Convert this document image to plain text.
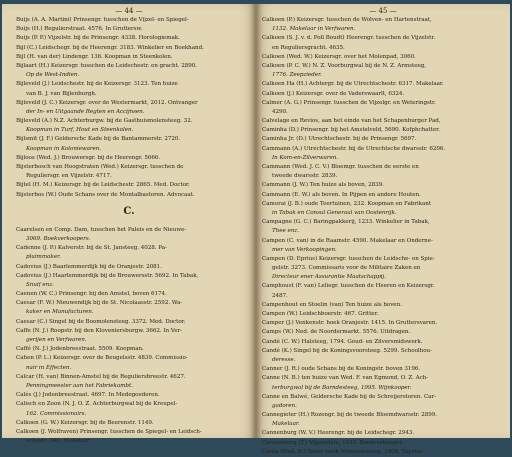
— 44 —
Buijs (A. A. Martini) Prinsengr. tusschen de Vijzel- en Spiegel-
Buijs (H.) Regulierstraat. 4576. In Gruttersw.
Buijs (P. P.) Vijzelstr. bij de Prinsengr. 4338. Horologiemak.
Bijl (C.) Leidschegr. bij de Heerengr. 3183. Winkelier en Boekhand.
Bijl (H. van der) Lindengr. 136. Koopman in Steenkolen.
Bijlaart (H.) Keizersgr. tusschen de Leidschestr. en gracht. 2890.
Op de West-Indien.
Bijleveld (J.) Leidschestr. bij de Keizersgr. 3123. Ten huize
van B. J. van Bijlenburgh.
Bijleveld (J. C.) Keizersgr. over de Westermarkt, 2012. Ontvanger
der In- en Uitgaande Regten en Accijnsen.
Bijleveld (A.) N.Z. Achterburgw. bij de Gasthuismolensteeg. 32.
Koopman in Turf, Hout en Steenkolen.
Bijlsmit (J. F.) Gelderschc Kade bij de Bantammerstr. 2720.
Koopman in Koloniewaren.
Bijloos (Wed. J.) Brouwersgr. bij de Heerengr. 5666.
Bijsterbosch van Hoogstraten (Wed.) Keizersgr. tusschen de
Reguliersgr. en Vijzelstr. 4717.
Bijtel (H. M.) Keizersgr. bij de Leidschestr. 2865. Med. Doctor.
Bijsterbos (W.) Oude Schans over de Montalbastoren. Advocaat.
C.
Caarelsen en Comp. Dam, tusschen het Paleis en de Nieuwe-
3069. Boekverkoopers.
Cadenne (J. P.) Kalverstr. bij de St. Jansteeg. 4028. Pa-
pluimmaker.
Cadovius (J.) Baarlemmerdijk bij de Oranjestr. 2081.
Cadovius (J.) Haarlemmerdijk bij de Brouwersstr. 5692. In Tabak,
Snuif enz.
Caenen (W. C.) Prinsengr. bij den Amstel, boven 6174.
Caesar (F. W.) Nieuwendijk bij de St. Nicolaasstr. 2592. Wa-
kaker en Manufacturen.
Caesar (C.) Singel bij de Boomolensteeg. 3372. Med. Doctor.
Caffe (N. J.) Roopstr. bij den Kloveniersburgw. 3662. In Ver-
gerijen en Verfwaren.
Caffé (N. J.) Jodenbreestraat. 5509. Koopman.
Cahen (P. L.) Keizersgr. over de Beugelsstr. 4839. Commissio-
nair in Effecten.
Calcar (H. van) Binnen-Amstel bij de Reguliersbreestr. 4627.
Penningmeester aan het Fabriekambt.
Calés (J.) Jodenbreestraat. 4697. In Medegoederen.
Calisch en Zoon (N. J. O. Z. Achterburgwal bij de Kreupel-
162. Commissionairs.
Calkoen (G. W.) Keizersgr. bij de Beerenstr. 1149.
Calkoen (J. Wolfraven) Prinsengr. tusschen de Spiegel- en Leidsch-
schestr. 346. Makelaar.
— 45 —
Calkoen (P.) Keizersgr. tusschen de Wolven- en Hartenstraat,
1132. Makelaar in Verfwaren.
Calkoen (S. J. v. d. Poll Boudt) Heerengr. tusschen de Vijzelstr.
en Reguliersgracht. 4635.
Calkoen (Wed. W.) Keizersgr. over het Molenpad, 3060.
Calkoen (P. C. W.) N. Z. Voorburgwal bij de N. Z. Armsteeg,
1776. Zeepzieder.
Calkoen Ha (H.) Achtergr. bij de Utrechtschestr. 6317. Makelaar.
Calkoen (J.) Keizersgr. over de Vaderswaarlt, 6324.
Calmer (A. G.) Prinsengr. tusschen de Vijzelgr. en Weteringstr.
4290.
Calvelage en Revios, aan het einde van het Schapenburger Pad,
Caminha (D.) Prinsengr. bij het Amstelveld, 5690. Kofphchatter.
Caminha Jr. (D.) Utrechtschestr. bij de Prinsengr. 5697.
Cammann (A.) Utrechtschestr. bij de Utrechtsche dwarsstr. 6206.
In Kom-en-Zilverwaren.
Cammann (Wed. J. C. V.) Bloemgr. tusschen de eerste en
tweede dwarsstr. 2839.
Cammann (J. W.) Ten huize als boven, 2839.
Cammann (E. W.) als boven. In Pijpen en andere Houten.
Camorai (J. B.) oude Teertuinen, 232. Koopman en Fabrikant
in Tabak en Consul Generaal van Oostenrijk.
Campagne (G. C.) Baringpakkerij, 1233. Winkelier in Tabak,
Thee enz.
Campen (C. van) in de Raamstr. 4590. Makelaar en Onderne-
mer van Verkoopingen.
Campen (D. Eprius) Keizersgr. tusschen de Leidsche- en Spie-
gelstr. 3273. Commissaris voor de Militaire Zaken en
Directeur ener Assurantie Maatschappij.
Camphoust (F. van) Leliegr. tusschen de Heeren en Keizersgr.
2487.
Campenhout en Stoelin (van) Ten huize als boven.
Campen (W.) Leidschboerstr. 467. Gritter.
Camper (J.) Venkenstr. hoek Oranjestr. 1415. In Gruttersvaren.
Camps (W.) Ned. de Noordermarkt. 5576. Uitdragen.
Candé (C. W.) Halsteeg, 1794. Goud- en Zilversmidswerk.
Candé (K.) Singel bij de Koningsvoorsteeg. 5299. Schoolhou-
deresse.
Canner (J. R.) oude Schans bij de Koningstr. boven 3196.
Canne (N. B.) ten huize van Wed. F. van Egmond, O. Z. Ach-
terburgwal bij de Barndesteeg, 1995. Wijnkooper.
Canne en Balwé, Geldersche Kade bij de Schreijerstoren. Car-
gadoren.
Cannegieter (H.) Rozengr. bij de tweede Bloemdwarsstr. 2899.
Makelaar.
Cannenburg (W. V.) Heerengr. bij de Leidschegr. 2943.
Cannenburg (T.) Vijgendam, 1635. Boekverkooper.
Canta (Wed. E.) Weier hoek Vrouwensteeg, 1908. Tapster.
